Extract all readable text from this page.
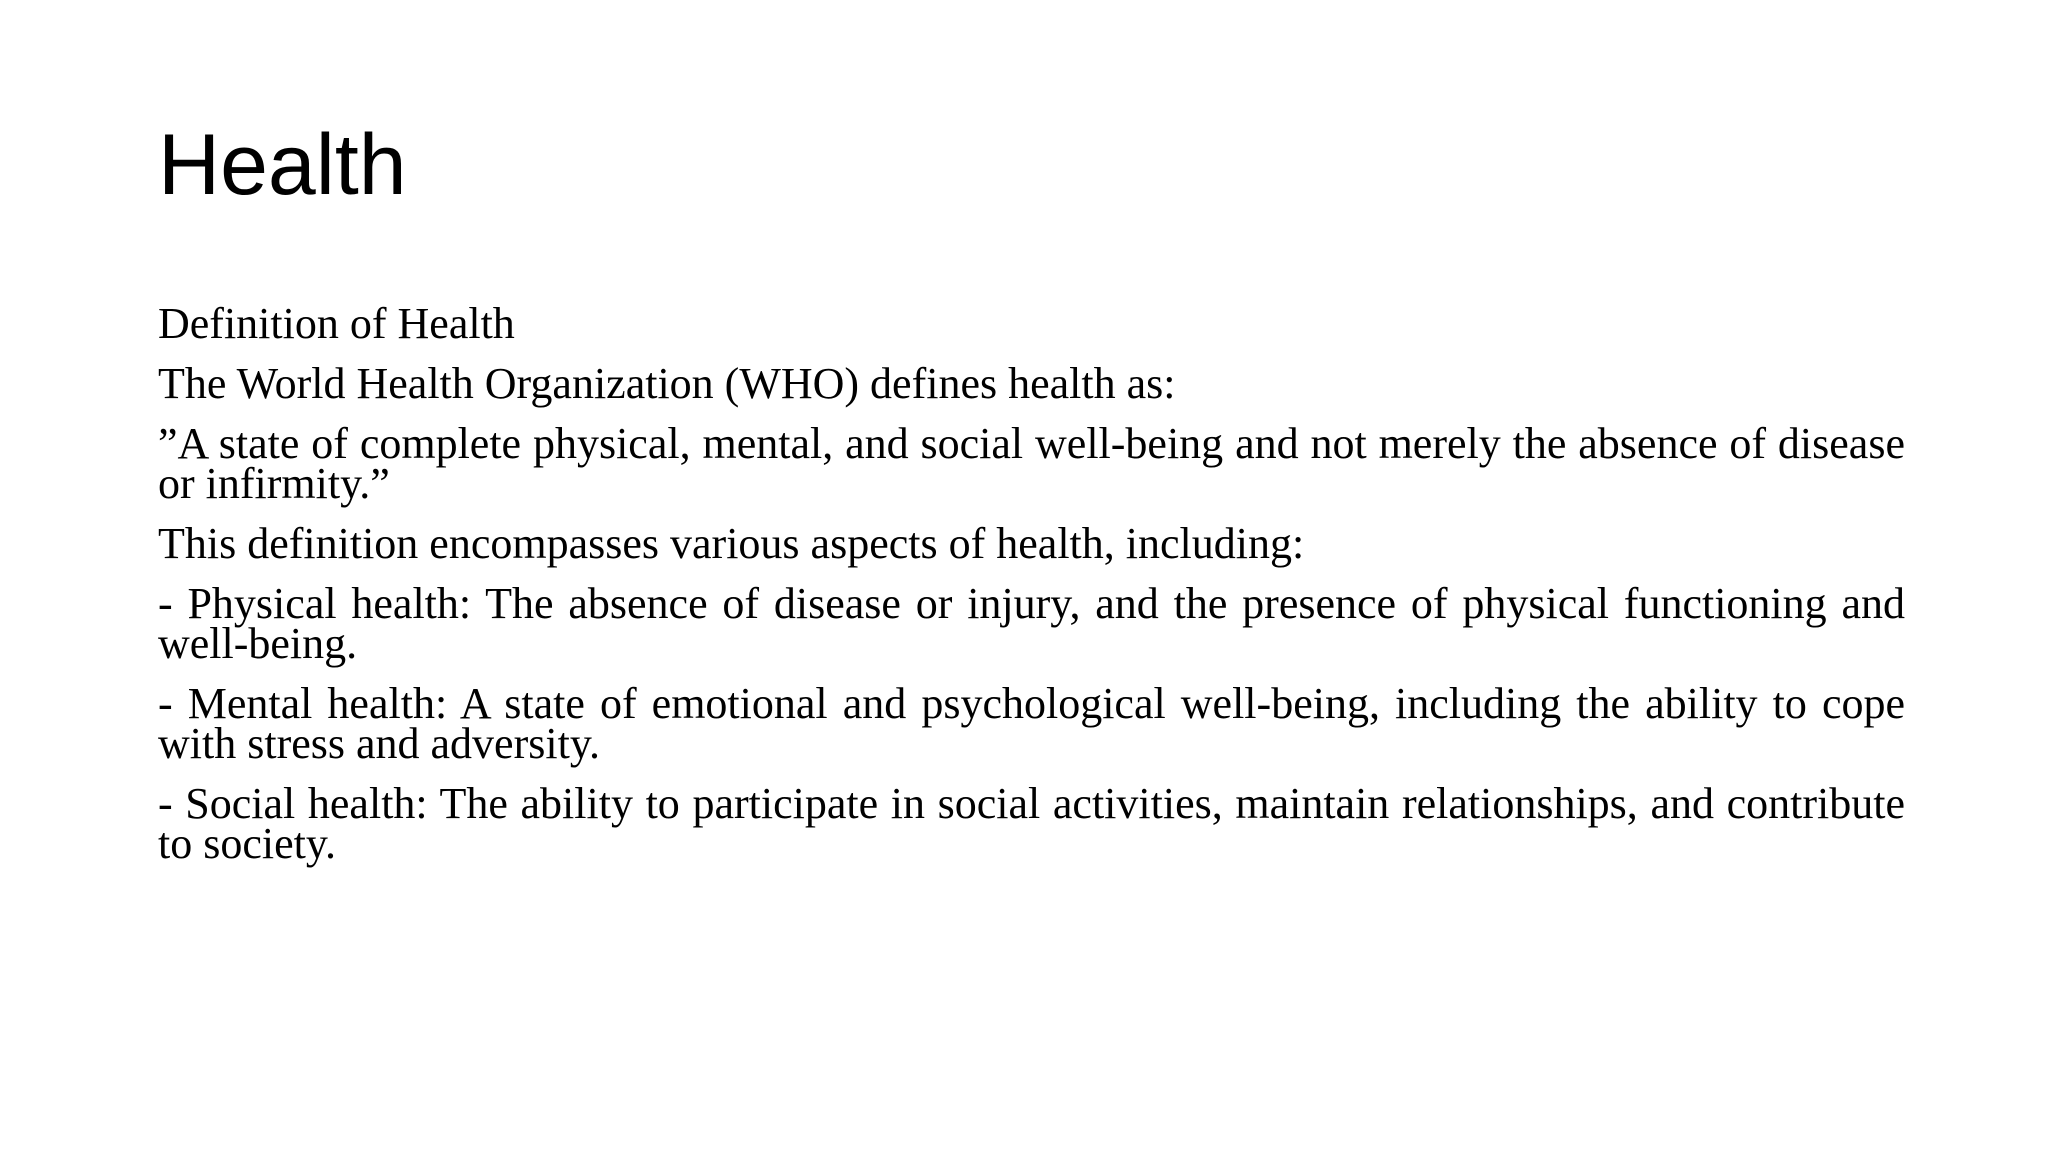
Health

Definition of Health

The World Health Organization (WHO) defines health as:

”A state of complete physical, mental, and social well-being and not merely the absence of disease or infirmity.”

This definition encompasses various aspects of health, including:

- Physical health: The absence of disease or injury, and the presence of physical functioning and well-being.

- Mental health: A state of emotional and psychological well-being, including the ability to cope with stress and adversity.

- Social health: The ability to participate in social activities, maintain relationships, and contribute to society.
